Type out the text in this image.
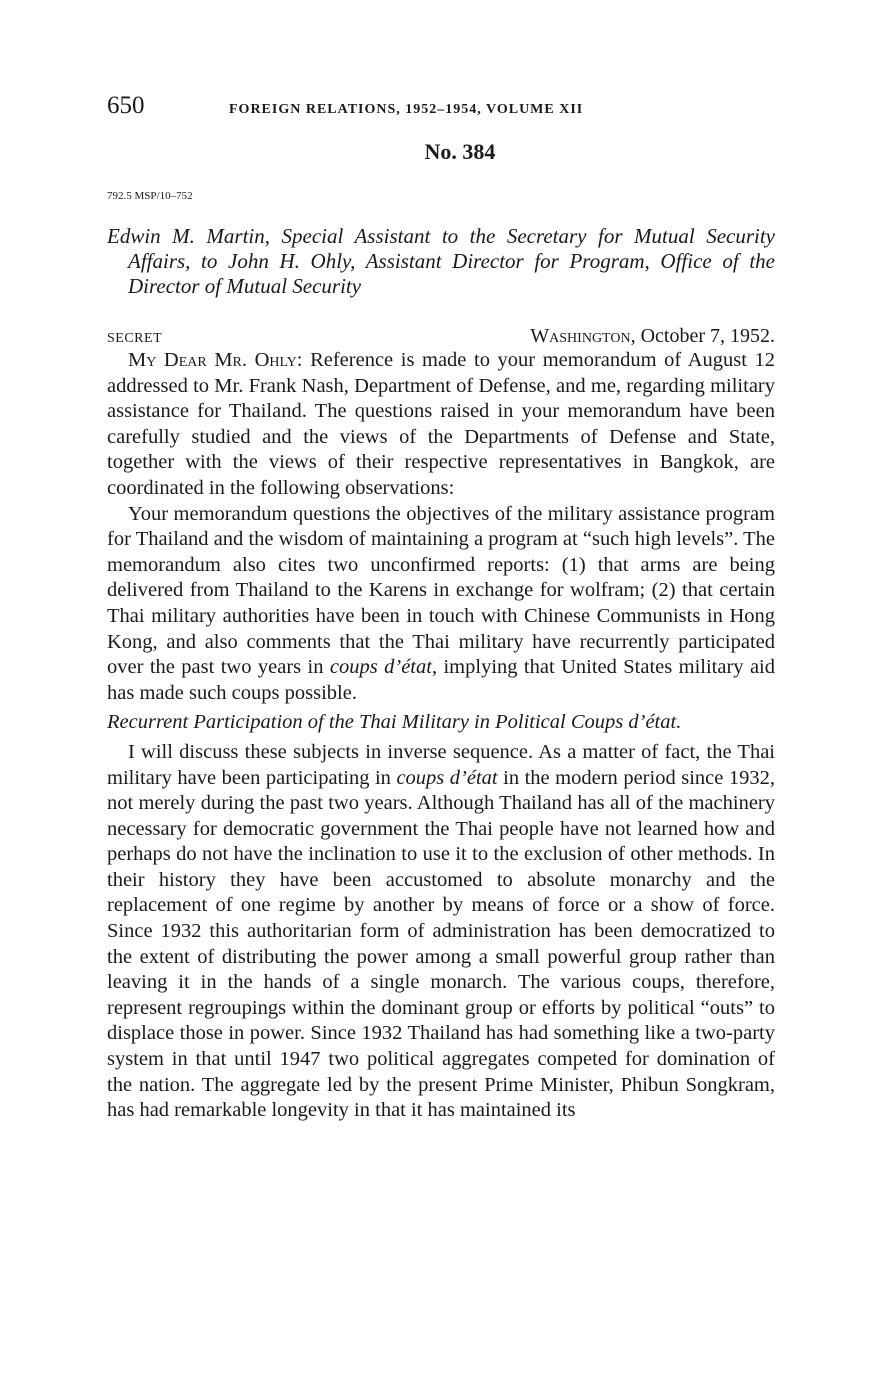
650	FOREIGN RELATIONS, 1952–1954, VOLUME XII
No. 384
792.5 MSP/10–752
Edwin M. Martin, Special Assistant to the Secretary for Mutual Security Affairs, to John H. Ohly, Assistant Director for Program, Office of the Director of Mutual Security
SECRET	Washington, October 7, 1952.

My Dear Mr. Ohly: Reference is made to your memorandum of August 12 addressed to Mr. Frank Nash, Department of Defense, and me, regarding military assistance for Thailand. The questions raised in your memorandum have been carefully studied and the views of the Departments of Defense and State, together with the views of their respective representatives in Bangkok, are coordinated in the following observations:

Your memorandum questions the objectives of the military assistance program for Thailand and the wisdom of maintaining a program at “such high levels”. The memorandum also cites two unconfirmed reports: (1) that arms are being delivered from Thailand to the Karens in exchange for wolfram; (2) that certain Thai military authorities have been in touch with Chinese Communists in Hong Kong, and also comments that the Thai military have recurrently participated over the past two years in coups d’état, implying that United States military aid has made such coups possible.

Recurrent Participation of the Thai Military in Political Coups d’état.

I will discuss these subjects in inverse sequence. As a matter of fact, the Thai military have been participating in coups d’état in the modern period since 1932, not merely during the past two years. Although Thailand has all of the machinery necessary for democratic government the Thai people have not learned how and perhaps do not have the inclination to use it to the exclusion of other methods. In their history they have been accustomed to absolute monarchy and the replacement of one regime by another by means of force or a show of force. Since 1932 this authoritarian form of administration has been democratized to the extent of distributing the power among a small powerful group rather than leaving it in the hands of a single monarch. The various coups, therefore, represent regroupings within the dominant group or efforts by political “outs” to displace those in power. Since 1932 Thailand has had something like a two-party system in that until 1947 two political aggregates competed for domination of the nation. The aggregate led by the present Prime Minister, Phibun Songkram, has had remarkable longevity in that it has maintained its
